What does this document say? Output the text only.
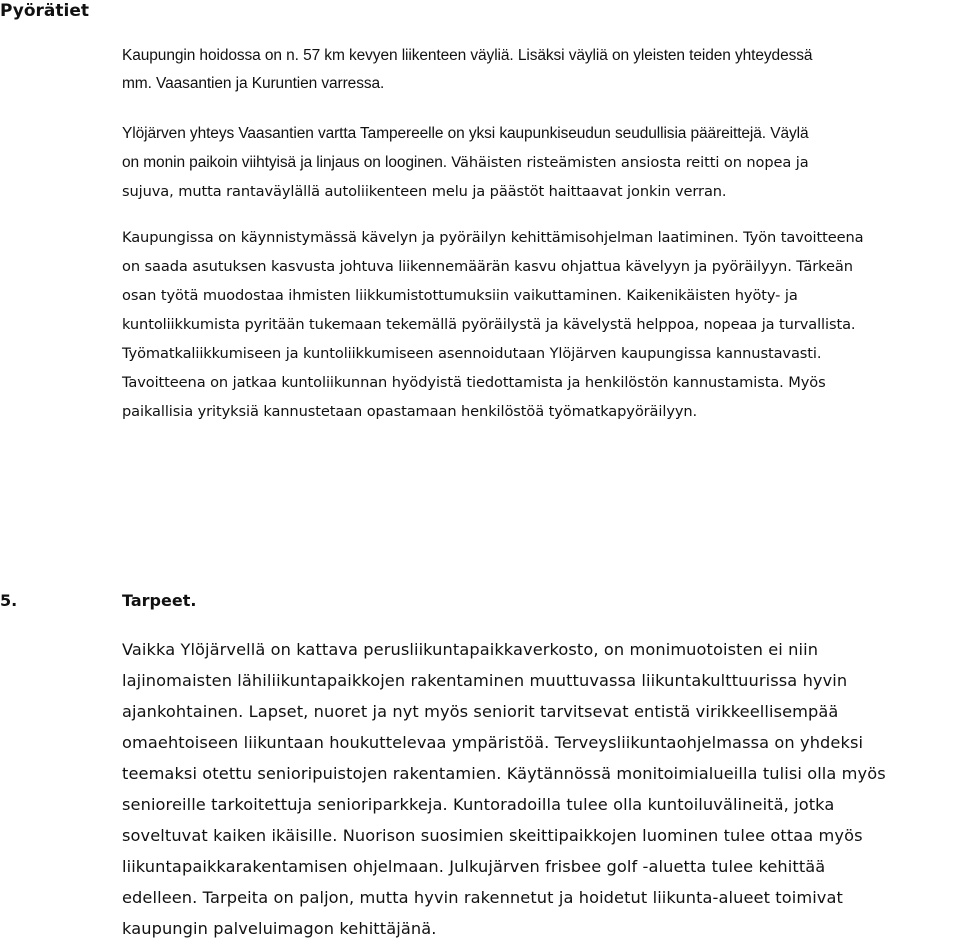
Pyörätiet

Kaupungin hoidossa on n. 57 km kevyen liikenteen väyliä. Lisäksi väyliä on yleisten teiden yhteydessä

mm. Vaasantien ja Kuruntien varressa.

Ylöjärven yhteys Vaasantien vartta Tampereelle on yksi kaupunkiseudun seudullisia pääreittejä. Väylä

on monin paikoin viihtyisä ja linjaus on looginen. Vähäisten risteämisten ansiosta reitti on nopea ja

sujuva, mutta rantaväylällä autoliikenteen melu ja päästöt haittaavat jonkin verran.

Kaupungissa on käynnistymässä kävelyn ja pyöräilyn kehittämisohjelman laatiminen. Työn tavoitteena

on saada asutuksen kasvusta johtuva liikennemäärän kasvu ohjattua kävelyyn ja pyöräilyyn. Tärkeän

osan työtä muodostaa ihmisten liikkumistottumuksiin vaikuttaminen. Kaikenikäisten hyöty- ja

kuntoliikkumista pyritään tukemaan tekemällä pyöräilystä ja kävelystä helppoa, nopeaa ja turvallista.

Työmatkaliikkumiseen ja kuntoliikkumiseen asennoidutaan Ylöjärven kaupungissa kannustavasti.

Tavoitteena on jatkaa kuntoliikunnan hyödyistä tiedottamista ja henkilöstön kannustamista. Myös

paikallisia yrityksiä kannustetaan opastamaan henkilöstöä työmatkapyöräilyyn.

5.	Tarpeet.

Vaikka Ylöjärvellä on kattava perusliikuntapaikkaverkosto, on monimuotoisten ei niin

lajinomaisten lähiliikuntapaikkojen rakentaminen muuttuvassa liikuntakulttuurissa hyvin

ajankohtainen. Lapset, nuoret ja nyt myös seniorit tarvitsevat entistä virikkeellisempää

omaehtoiseen liikuntaan houkuttelevaa ympäristöä. Terveysliikuntaohjelmassa on yhdeksi

teemaksi otettu senioripuistojen rakentamien. Käytännössä monitoimialueilla tulisi olla myös

senioreille tarkoitettuja senioriparkkeja. Kuntoradoilla tulee olla kuntoiluvälineitä, jotka

soveltuvat kaiken ikäisille. Nuorison suosimien skeittipaikkojen luominen tulee ottaa myös

liikuntapaikkarakentamisen ohjelmaan. Julkujärven frisbee golf -aluetta tulee kehittää

edelleen. Tarpeita on paljon, mutta hyvin rakennetut ja hoidetut liikunta-alueet toimivat

kaupungin palveluimagon kehittäjänä.
